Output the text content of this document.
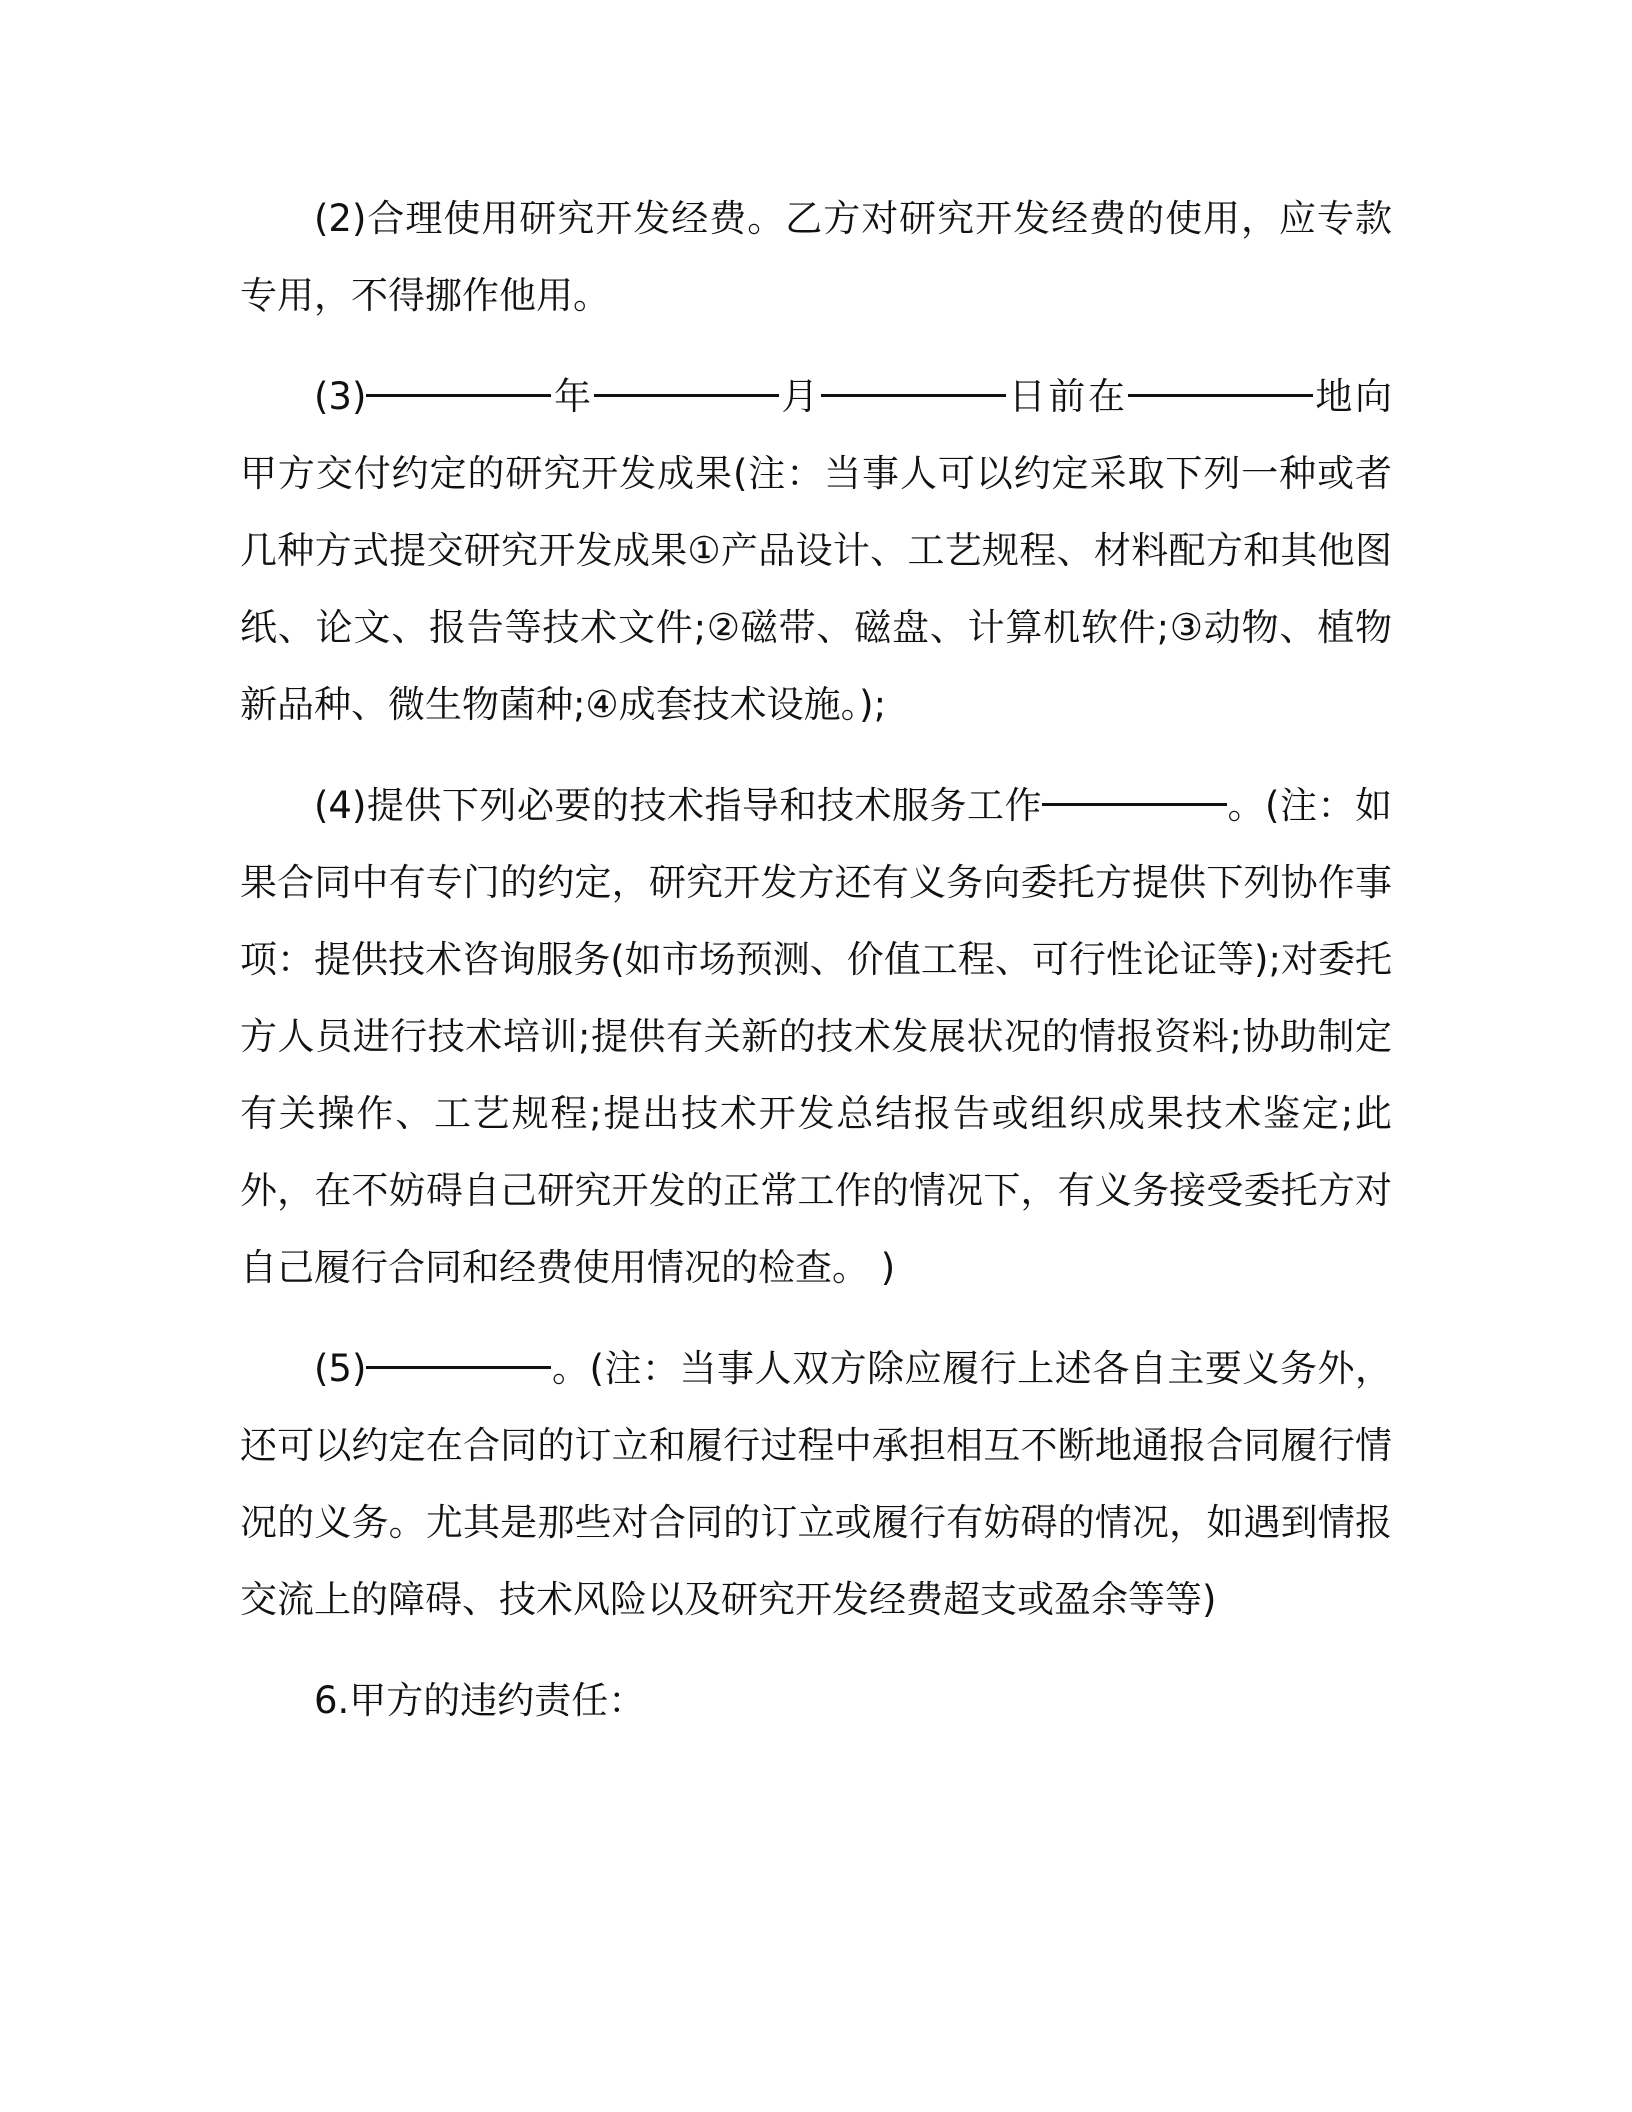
(2)合理使用研究开发经费。乙方对研究开发经费的使用，应专款专用，不得挪作他用。

(3)	年	月	日前在	地向甲方交付约定的研究开发成果(注：当事人可以约定采取下列一种或者几种方式提交研究开发成果①产品设计、工艺规程、材料配方和其他图纸、论文、报告等技术文件;②磁带、磁盘、计算机软件;③动物、植物新品种、微生物菌种;④成套技术设施。);

(4)提供下列必要的技术指导和技术服务工作	。(注：如果合同中有专门的约定，研究开发方还有义务向委托方提供下列协作事项：提供技术咨询服务(如市场预测、价值工程、可行性论证等);对委托方人员进行技术培训;提供有关新的技术发展状况的情报资料;协助制定有关操作、工艺规程;提出技术开发总结报告或组织成果技术鉴定;此外，在不妨碍自己研究开发的正常工作的情况下，有义务接受委托方对自己履行合同和经费使用情况的检查。 )

(5)	。(注：当事人双方除应履行上述各自主要义务外，还可以约定在合同的订立和履行过程中承担相互不断地通报合同履行情况的义务。尤其是那些对合同的订立或履行有妨碍的情况，如遇到情报交流上的障碍、技术风险以及研究开发经费超支或盈余等等)

6.甲方的违约责任：
